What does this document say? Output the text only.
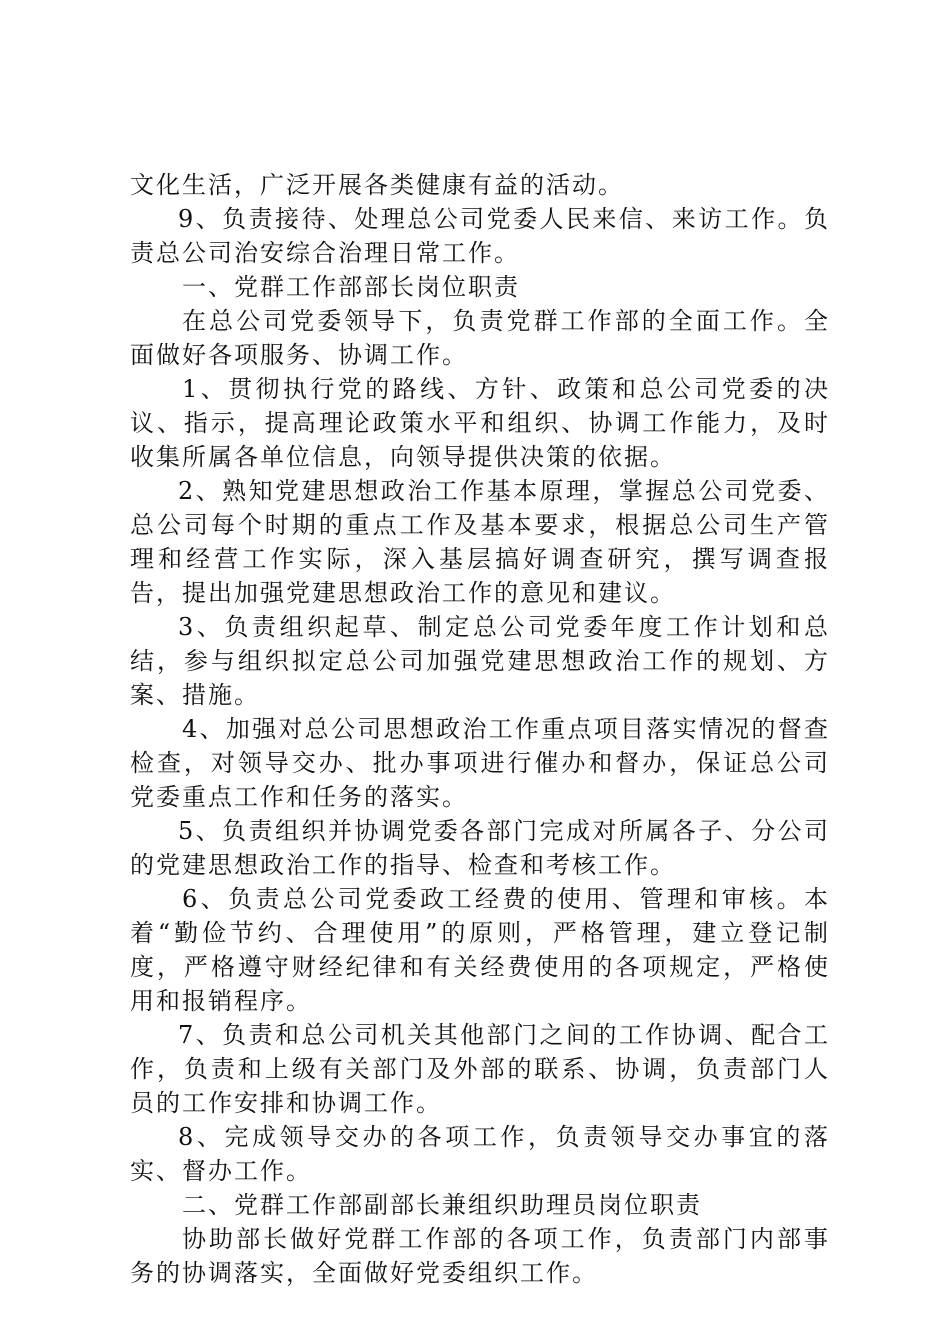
文化生活，广泛开展各类健康有益的活动。

9、负责接待、处理总公司党委人民来信、来访工作。负责总公司治安综合治理日常工作。

一、党群工作部部长岗位职责

在总公司党委领导下，负责党群工作部的全面工作。全面做好各项服务、协调工作。

1、贯彻执行党的路线、方针、政策和总公司党委的决议、指示，提高理论政策水平和组织、协调工作能力，及时收集所属各单位信息，向领导提供决策的依据。

2、熟知党建思想政治工作基本原理，掌握总公司党委、总公司每个时期的重点工作及基本要求，根据总公司生产管理和经营工作实际，深入基层搞好调查研究，撰写调查报告，提出加强党建思想政治工作的意见和建议。

3、负责组织起草、制定总公司党委年度工作计划和总结，参与组织拟定总公司加强党建思想政治工作的规划、方案、措施。

4、加强对总公司思想政治工作重点项目落实情况的督查检查，对领导交办、批办事项进行催办和督办，保证总公司党委重点工作和任务的落实。

5、负责组织并协调党委各部门完成对所属各子、分公司的党建思想政治工作的指导、检查和考核工作。

6、负责总公司党委政工经费的使用、管理和审核。本着“勤俭节约、合理使用”的原则，严格管理，建立登记制度，严格遵守财经纪律和有关经费使用的各项规定，严格使用和报销程序。

7、负责和总公司机关其他部门之间的工作协调、配合工作，负责和上级有关部门及外部的联系、协调，负责部门人员的工作安排和协调工作。

8、完成领导交办的各项工作，负责领导交办事宜的落实、督办工作。

二、党群工作部副部长兼组织助理员岗位职责

协助部长做好党群工作部的各项工作，负责部门内部事务的协调落实，全面做好党委组织工作。
